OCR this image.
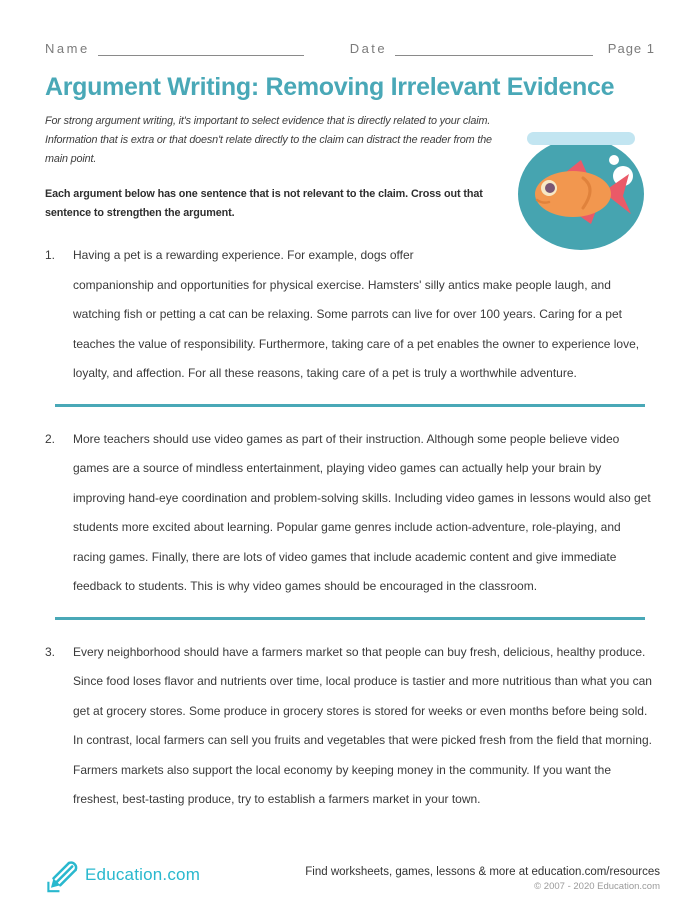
Name	Date	Page 1
Argument Writing: Removing Irrelevant Evidence

For strong argument writing, it's important to select evidence that is directly related to your claim. Information that is extra or that doesn't relate directly to the claim can distract the reader from the main point.

Each argument below has one sentence that is not relevant to the claim. Cross out that sentence to strengthen the argument.

1. Having a pet is a rewarding experience. For example, dogs offer companionship and opportunities for physical exercise. Hamsters' silly antics make people laugh, and watching fish or petting a cat can be relaxing. Some parrots can live for over 100 years. Caring for a pet teaches the value of responsibility. Furthermore, taking care of a pet enables the owner to experience love, loyalty, and affection. For all these reasons, taking care of a pet is truly a worthwhile adventure.

2. More teachers should use video games as part of their instruction. Although some people believe video games are a source of mindless entertainment, playing video games can actually help your brain by improving hand-eye coordination and problem-solving skills. Including video games in lessons would also get students more excited about learning. Popular game genres include action-adventure, role-playing, and racing games. Finally, there are lots of video games that include academic content and give immediate feedback to students. This is why video games should be encouraged in the classroom.

3. Every neighborhood should have a farmers market so that people can buy fresh, delicious, healthy produce. Since food loses flavor and nutrients over time, local produce is tastier and more nutritious than what you can get at grocery stores. Some produce in grocery stores is stored for weeks or even months before being sold. In contrast, local farmers can sell you fruits and vegetables that were picked fresh from the field that morning. Farmers markets also support the local economy by keeping money in the community. If you want the freshest, best-tasting produce, try to establish a farmers market in your town.

Education.com	Find worksheets, games, lessons & more at education.com/resources
© 2007 - 2020 Education.com
